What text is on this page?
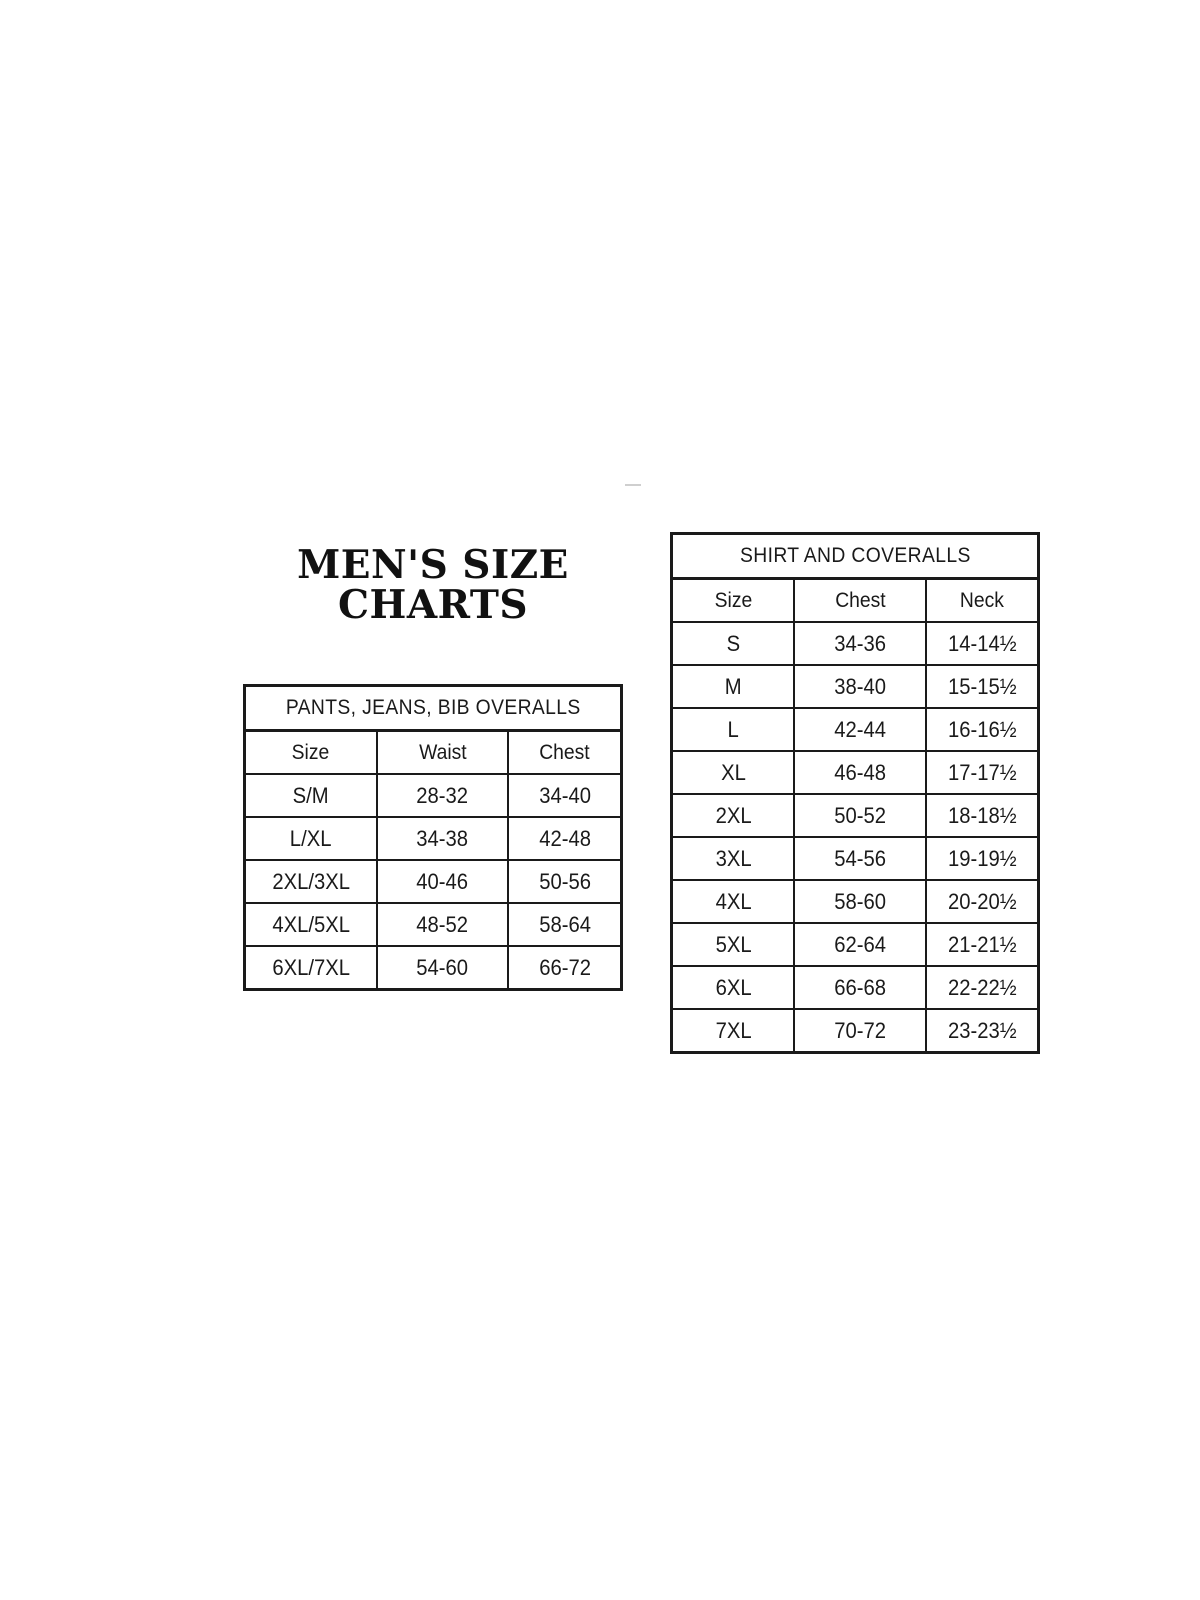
MEN'S SIZE
CHARTS
PANTS, JEANS, BIB OVERALLS		
Size	Waist	Chest
S/M	28-32	34-40
L/XL	34-38	42-48
2XL/3XL	40-46	50-56
4XL/5XL	48-52	58-64
6XL/7XL	54-60	66-72
SHIRT AND COVERALLS		
Size	Chest	Neck
S	34-36	14-14½
M	38-40	15-15½
L	42-44	16-16½
XL	46-48	17-17½
2XL	50-52	18-18½
3XL	54-56	19-19½
4XL	58-60	20-20½
5XL	62-64	21-21½
6XL	66-68	22-22½
7XL	70-72	23-23½
